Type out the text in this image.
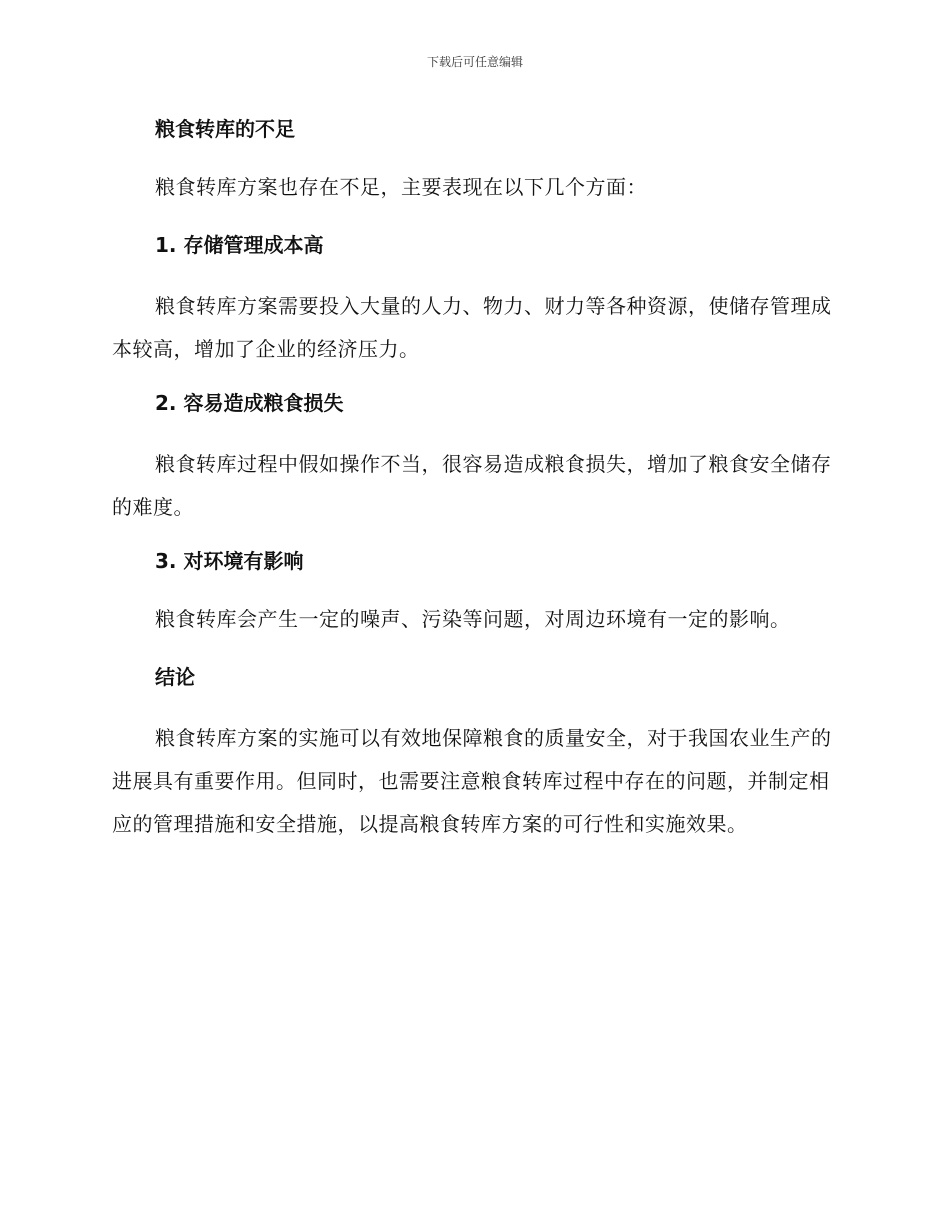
下载后可任意编辑
粮食转库的不足
粮食转库方案也存在不足，主要表现在以下几个方面：
1. 存储管理成本高
粮食转库方案需要投入大量的人力、物力、财力等各种资源，使储存管理成本较高，增加了企业的经济压力。
2. 容易造成粮食损失
粮食转库过程中假如操作不当，很容易造成粮食损失，增加了粮食安全储存的难度。
3. 对环境有影响
粮食转库会产生一定的噪声、污染等问题，对周边环境有一定的影响。
结论
粮食转库方案的实施可以有效地保障粮食的质量安全，对于我国农业生产的进展具有重要作用。但同时，也需要注意粮食转库过程中存在的问题，并制定相应的管理措施和安全措施，以提高粮食转库方案的可行性和实施效果。
